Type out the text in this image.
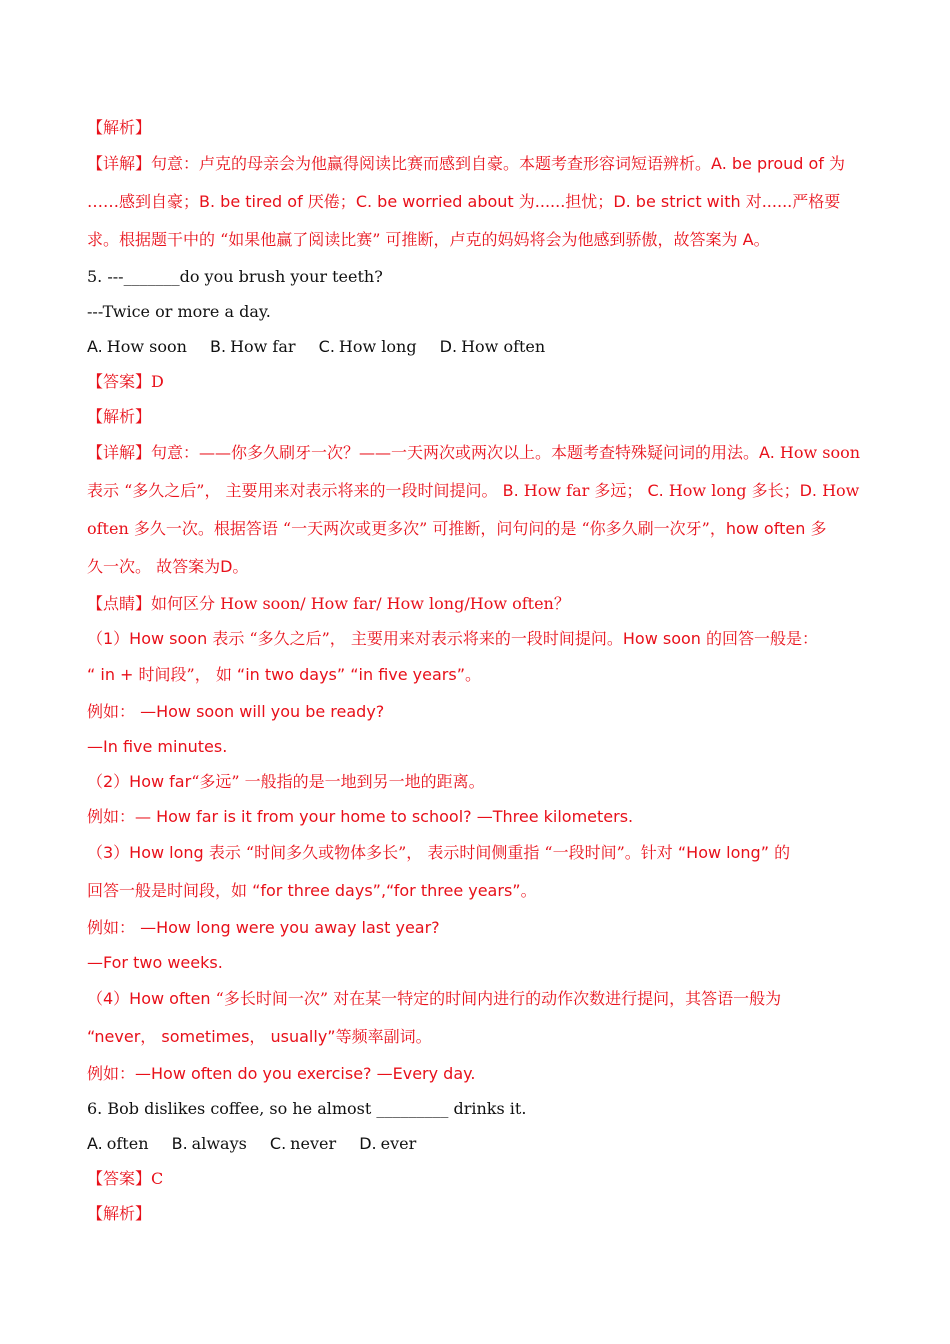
【解析】
【详解】句意：卢克的母亲会为他赢得阅读比赛而感到自豪。本题考查形容词短语辨析。A. be proud of 为
……感到自豪；B. be tired of 厌倦；C. be worried about 为......担忧；D. be strict with 对......严格要
求。根据题干中的 “如果他赢了阅读比赛” 可推断，卢克的妈妈将会为他感到骄傲，故答案为 A。
5. ---_______do you brush your teeth?
---Twice or more a day.
A. How soon B. How far C. How long D. How often
【答案】D
【解析】
【详解】句意：——你多久刷牙一次？——一天两次或两次以上。本题考查特殊疑问词的用法。A. How soon
表示 “多久之后”， 主要用来对表示将来的一段时间提问。 B. How far 多远； C. How long 多长；D. How
often 多久一次。根据答语 “一天两次或更多次” 可推断，问句问的是 “你多久刷一次牙”，how often 多
久一次。 故答案为D。
【点睛】如何区分 How soon/ How far/ How long/How often？
（1）How soon 表示 “多久之后”， 主要用来对表示将来的一段时间提问。How soon 的回答一般是：
“ in + 时间段”， 如 “in two days” “in five years”。
例如： —How soon will you be ready?
—In five minutes.
（2）How far“多远” 一般指的是一地到另一地的距离。
例如：— How far is it from your home to school? —Three kilometers.
（3）How long 表示 “时间多久或物体多长”， 表示时间侧重指 “一段时间”。针对 “How long” 的
回答一般是时间段，如 “for three days”,“for three years”。
例如： —How long were you away last year?
—For two weeks.
（4）How often “多长时间一次” 对在某一特定的时间内进行的动作次数进行提问，其答语一般为
“never， sometimes， usually”等频率副词。
例如：—How often do you exercise? —Every day.
6. Bob dislikes coffee, so he almost _________ drinks it.
A. often B. always C. never D. ever
【答案】C
【解析】
